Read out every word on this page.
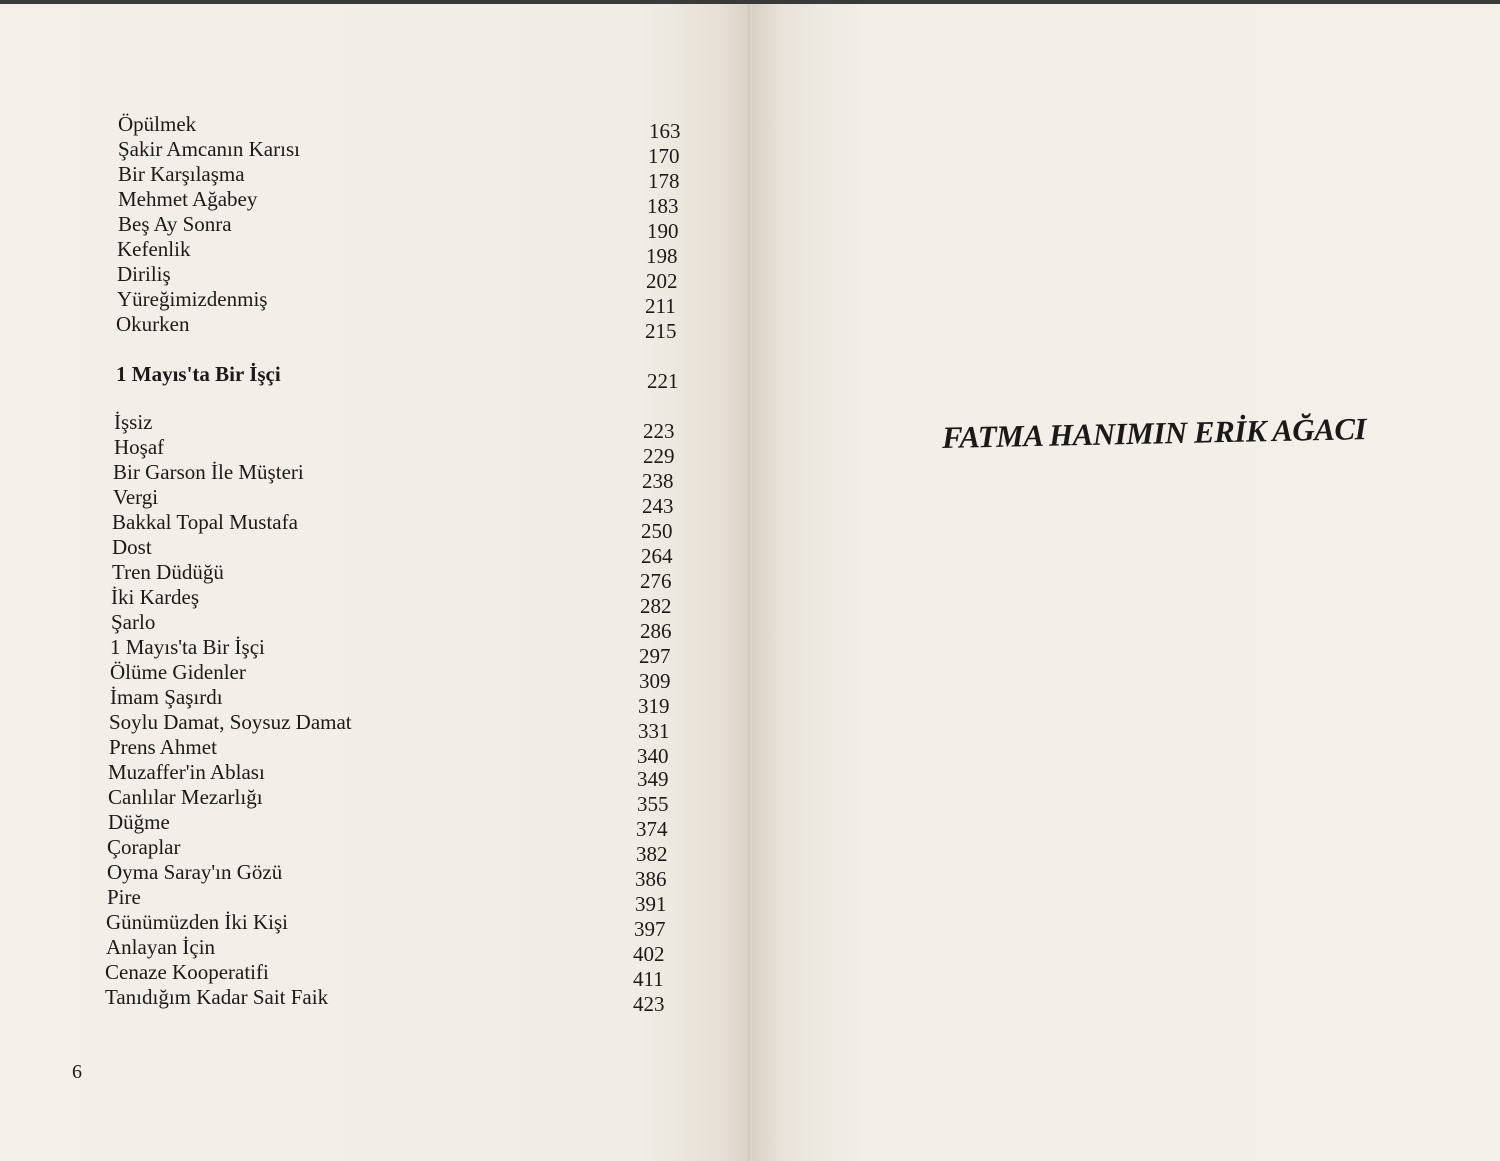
Öpülmek	163
Şakir Amcanın Karısı	170
Bir Karşılaşma	178
Mehmet Ağabey	183
Beş Ay Sonra	190
Kefenlik	198
Diriliş	202
Yüreğimizdenmiş	211
Okurken	215
1 Mayıs'ta Bir İşçi	221
İşsiz	223
Hoşaf	229
Bir Garson İle Müşteri	238
Vergi	243
Bakkal Topal Mustafa	250
Dost	264
Tren Düdüğü	276
İki Kardeş	282
Şarlo	286
1 Mayıs'ta Bir İşçi	297
Ölüme Gidenler	309
İmam Şaşırdı	319
Soylu Damat, Soysuz Damat	331
Prens Ahmet	340
Muzaffer'in Ablası	349
Canlılar Mezarlığı	355
Düğme	374
Çoraplar	382
Oyma Saray'ın Gözü	386
Pire	391
Günümüzden İki Kişi	397
Anlayan İçin	402
Cenaze Kooperatifi	411
Tanıdığım Kadar Sait Faik	423
6
FATMA HANIMIN ERİK AĞACI
